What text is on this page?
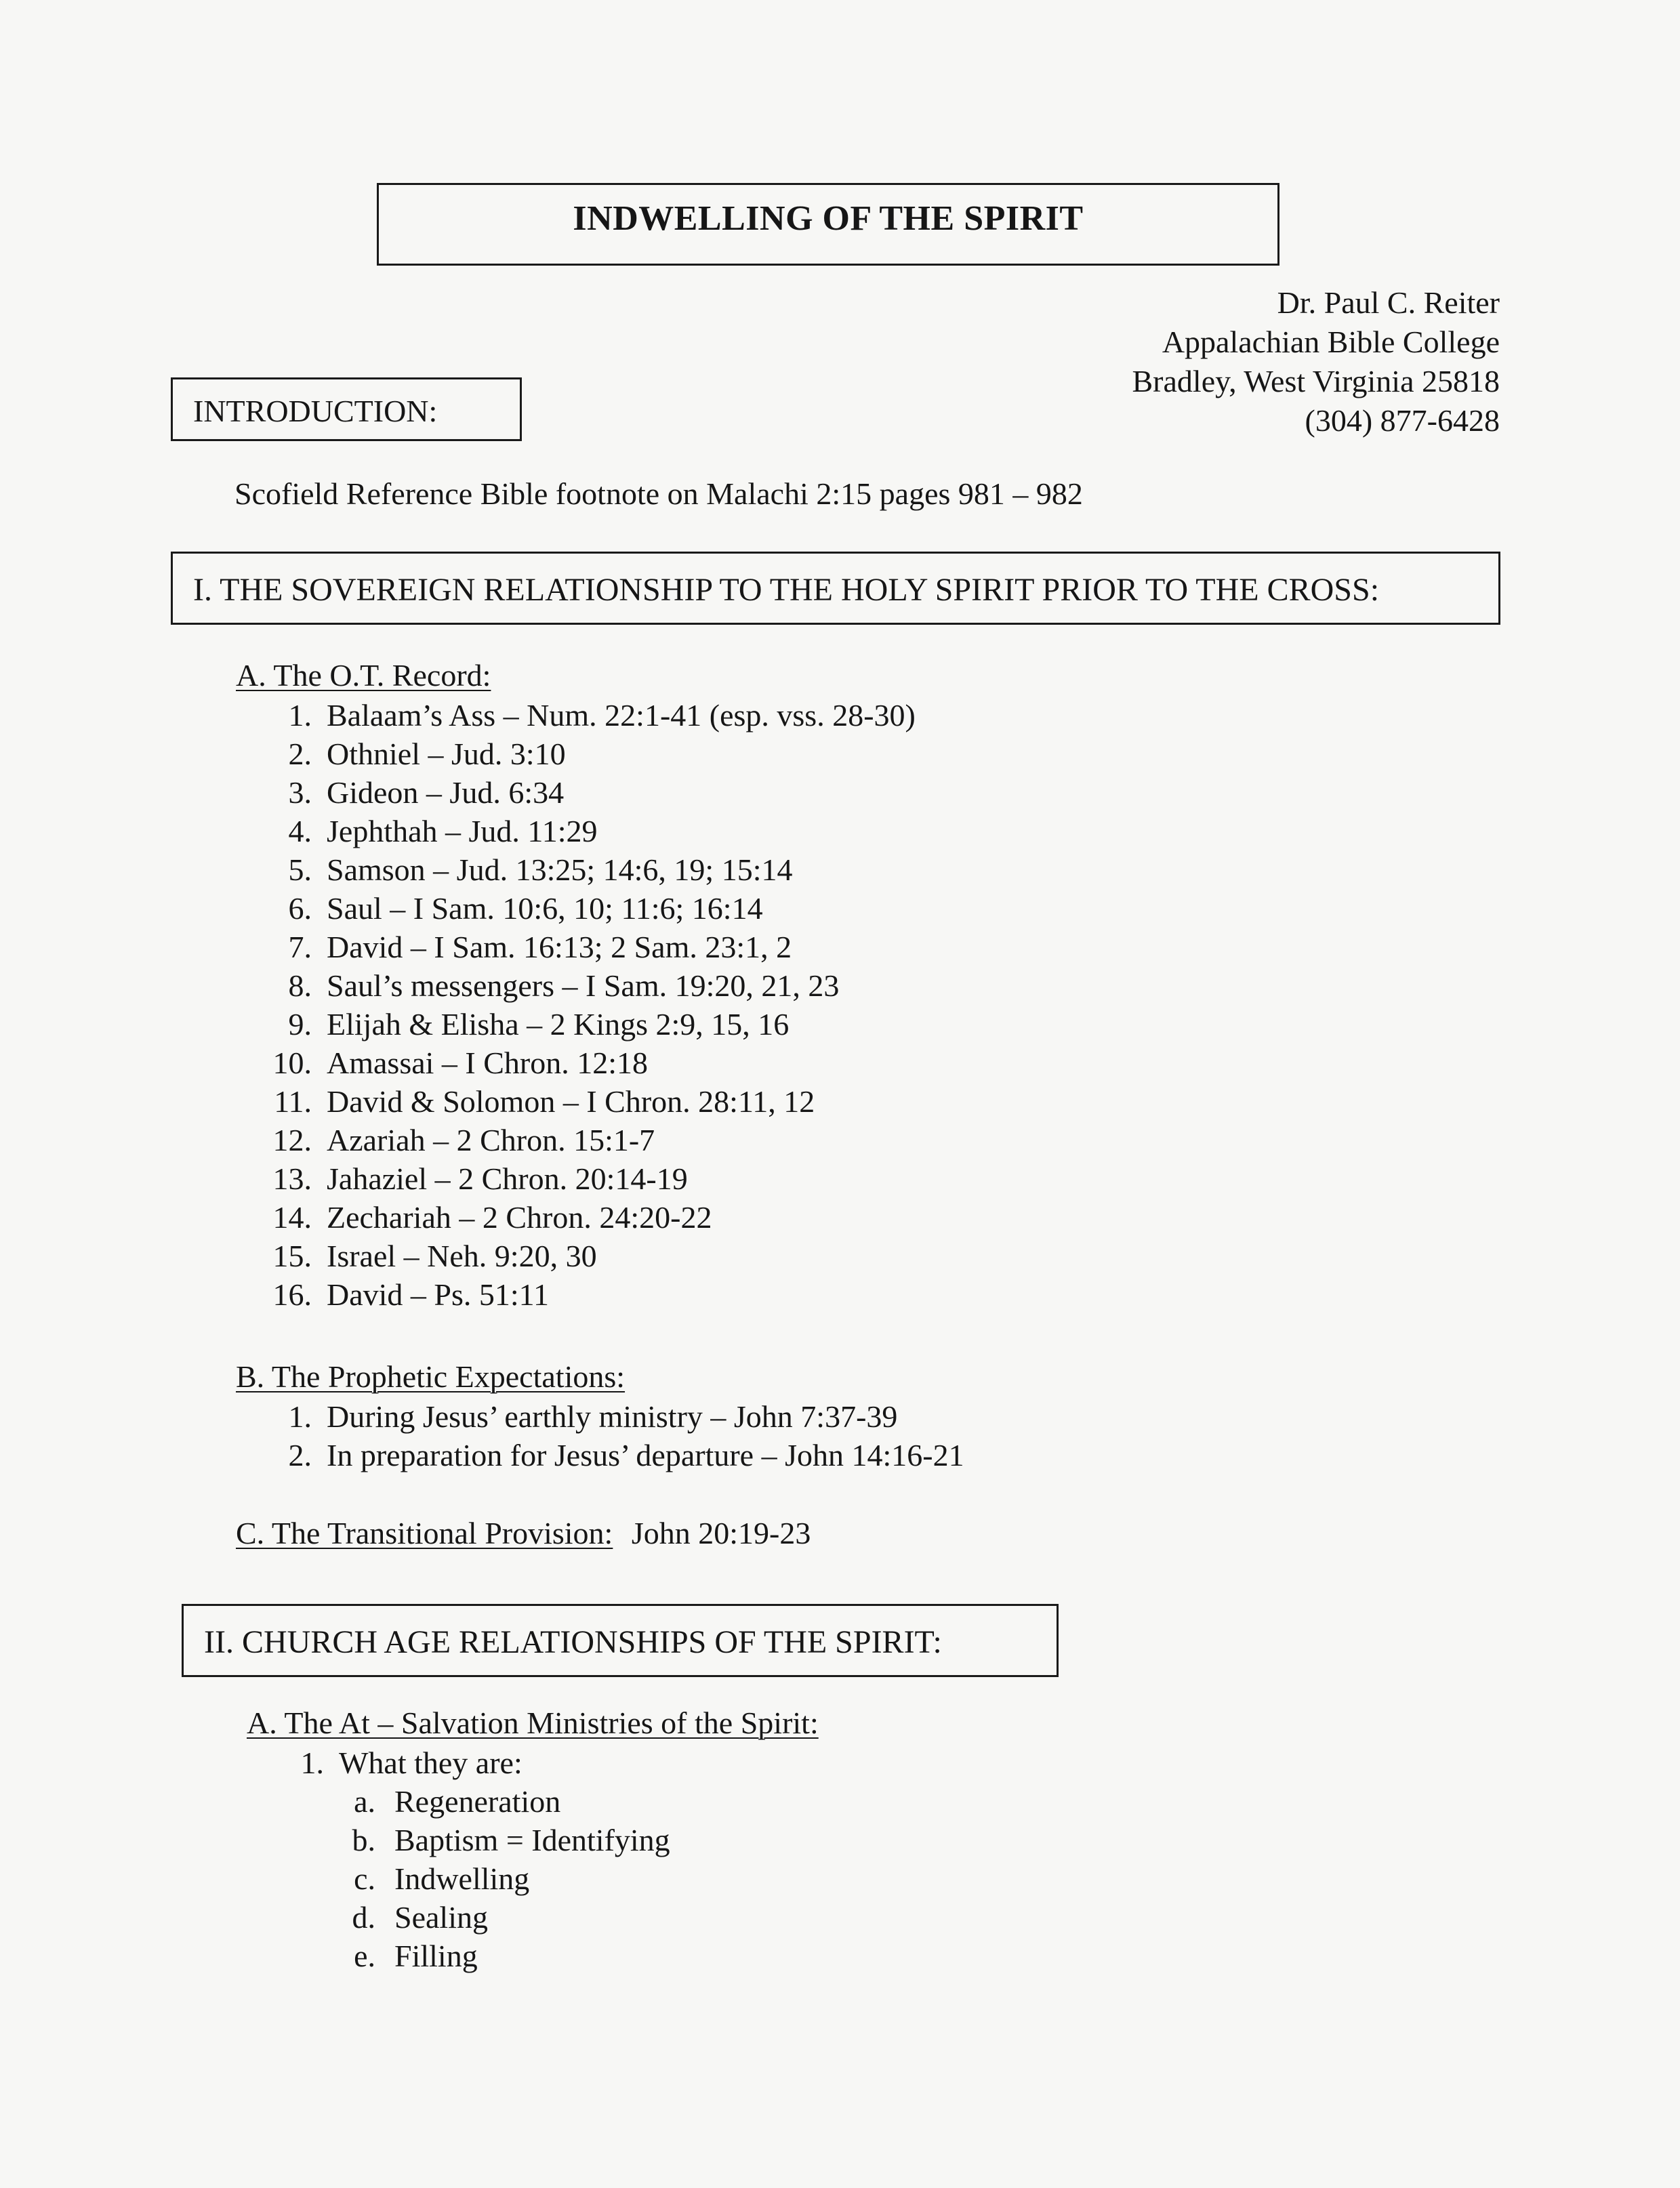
INDWELLING OF THE SPIRIT
Dr. Paul C. Reiter
Appalachian Bible College
Bradley, West Virginia 25818
(304) 877-6428
INTRODUCTION:
Scofield Reference Bible footnote on Malachi 2:15 pages 981 – 982
I. THE SOVEREIGN RELATIONSHIP TO THE HOLY SPIRIT PRIOR TO THE CROSS:
A. The O.T. Record:
1. Balaam’s Ass – Num. 22:1-41 (esp. vss. 28-30)
2. Othniel – Jud. 3:10
3. Gideon – Jud. 6:34
4. Jephthah – Jud. 11:29
5. Samson – Jud. 13:25; 14:6, 19; 15:14
6. Saul – I Sam. 10:6, 10; 11:6; 16:14
7. David – I Sam. 16:13; 2 Sam. 23:1, 2
8. Saul’s messengers – I Sam. 19:20, 21, 23
9. Elijah & Elisha – 2 Kings 2:9, 15, 16
10. Amassai – I Chron. 12:18
11. David & Solomon – I Chron. 28:11, 12
12. Azariah – 2 Chron. 15:1-7
13. Jahaziel – 2 Chron. 20:14-19
14. Zechariah – 2 Chron. 24:20-22
15. Israel – Neh. 9:20, 30
16. David – Ps. 51:11
B. The Prophetic Expectations:
1. During Jesus’ earthly ministry – John 7:37-39
2. In preparation for Jesus’ departure – John 14:16-21
C. The Transitional Provision: John 20:19-23
II. CHURCH AGE RELATIONSHIPS OF THE SPIRIT:
A. The At – Salvation Ministries of the Spirit:
1. What they are:
a. Regeneration
b. Baptism = Identifying
c. Indwelling
d. Sealing
e. Filling
